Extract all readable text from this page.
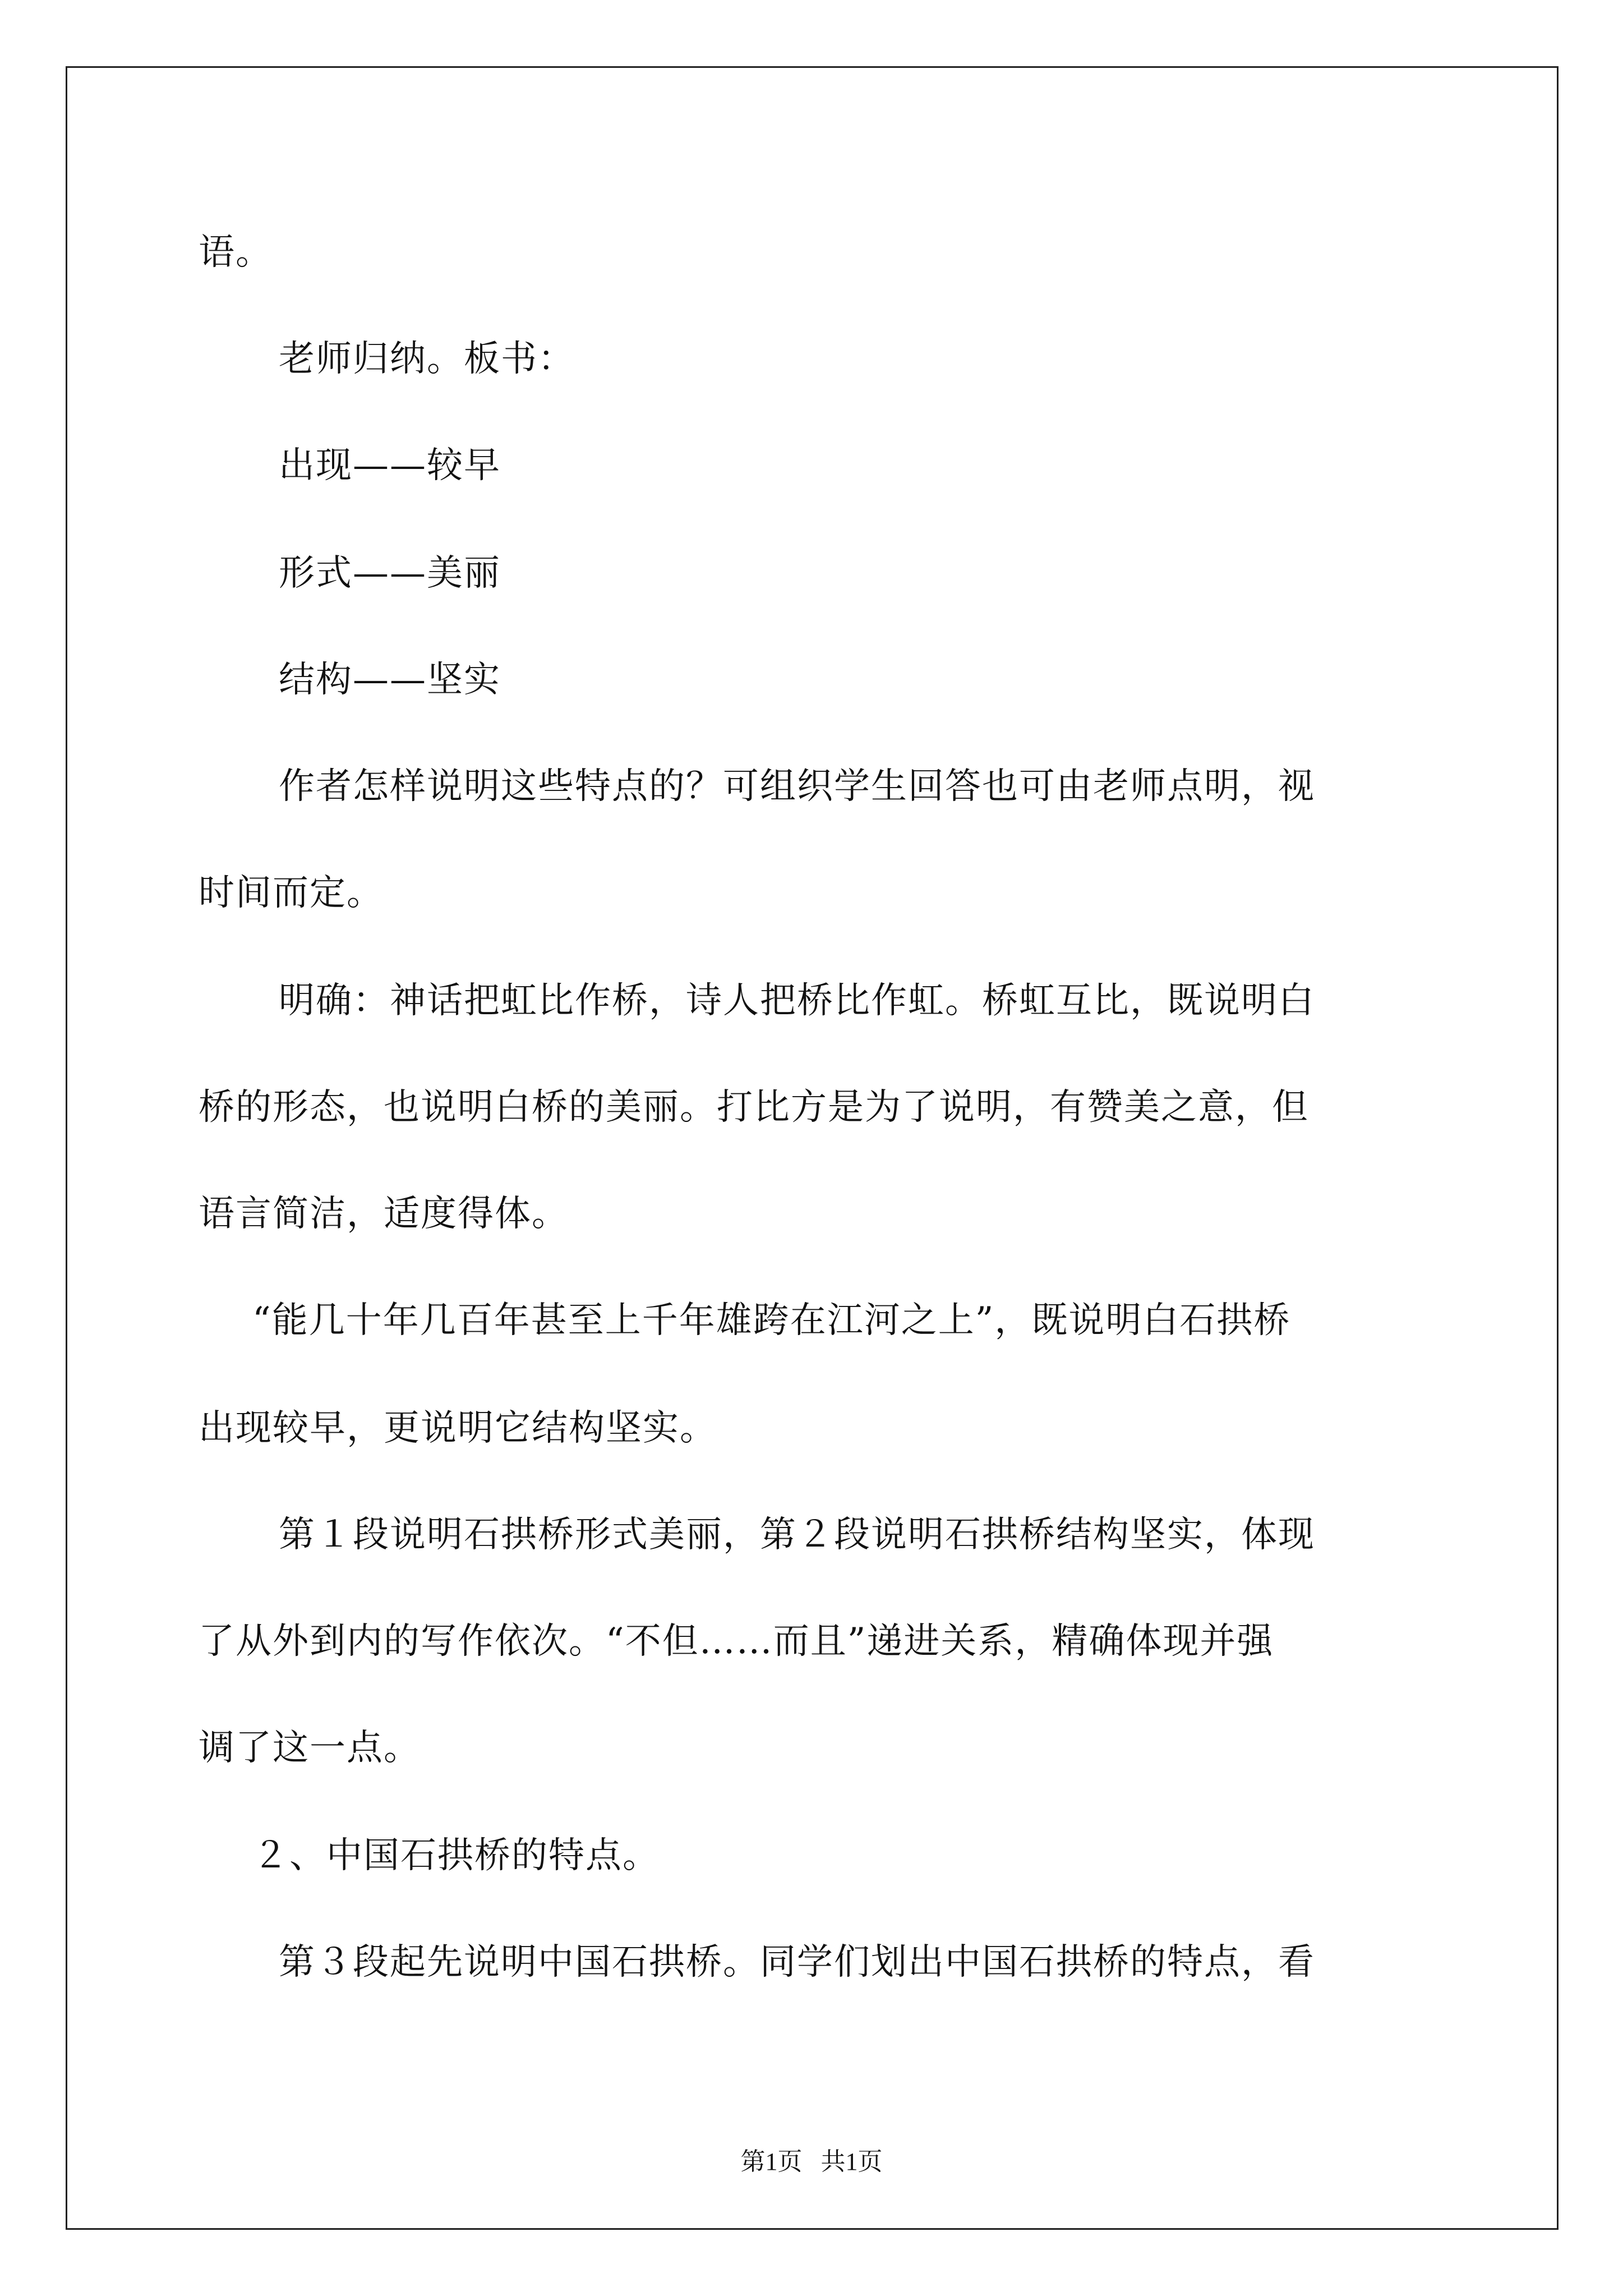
语。
老师归纳。板书：
出现——较早
形式——美丽
结构——坚实
作者怎样说明这些特点的？可组织学生回答也可由老师点明，视
时间而定。
明确：神话把虹比作桥，诗人把桥比作虹。桥虹互比，既说明白
桥的形态，也说明白桥的美丽。打比方是为了说明，有赞美之意，但
语言简洁，适度得体。
“能几十年几百年甚至上千年雄跨在江河之上”，既说明白石拱桥
出现较早，更说明它结构坚实。
第１段说明石拱桥形式美丽，第２段说明石拱桥结构坚实，体现
了从外到内的写作依次。“不但……而且”递进关系，精确体现并强
调了这一点。
２、中国石拱桥的特点。
第３段起先说明中国石拱桥。同学们划出中国石拱桥的特点，看
第1页   共1页
